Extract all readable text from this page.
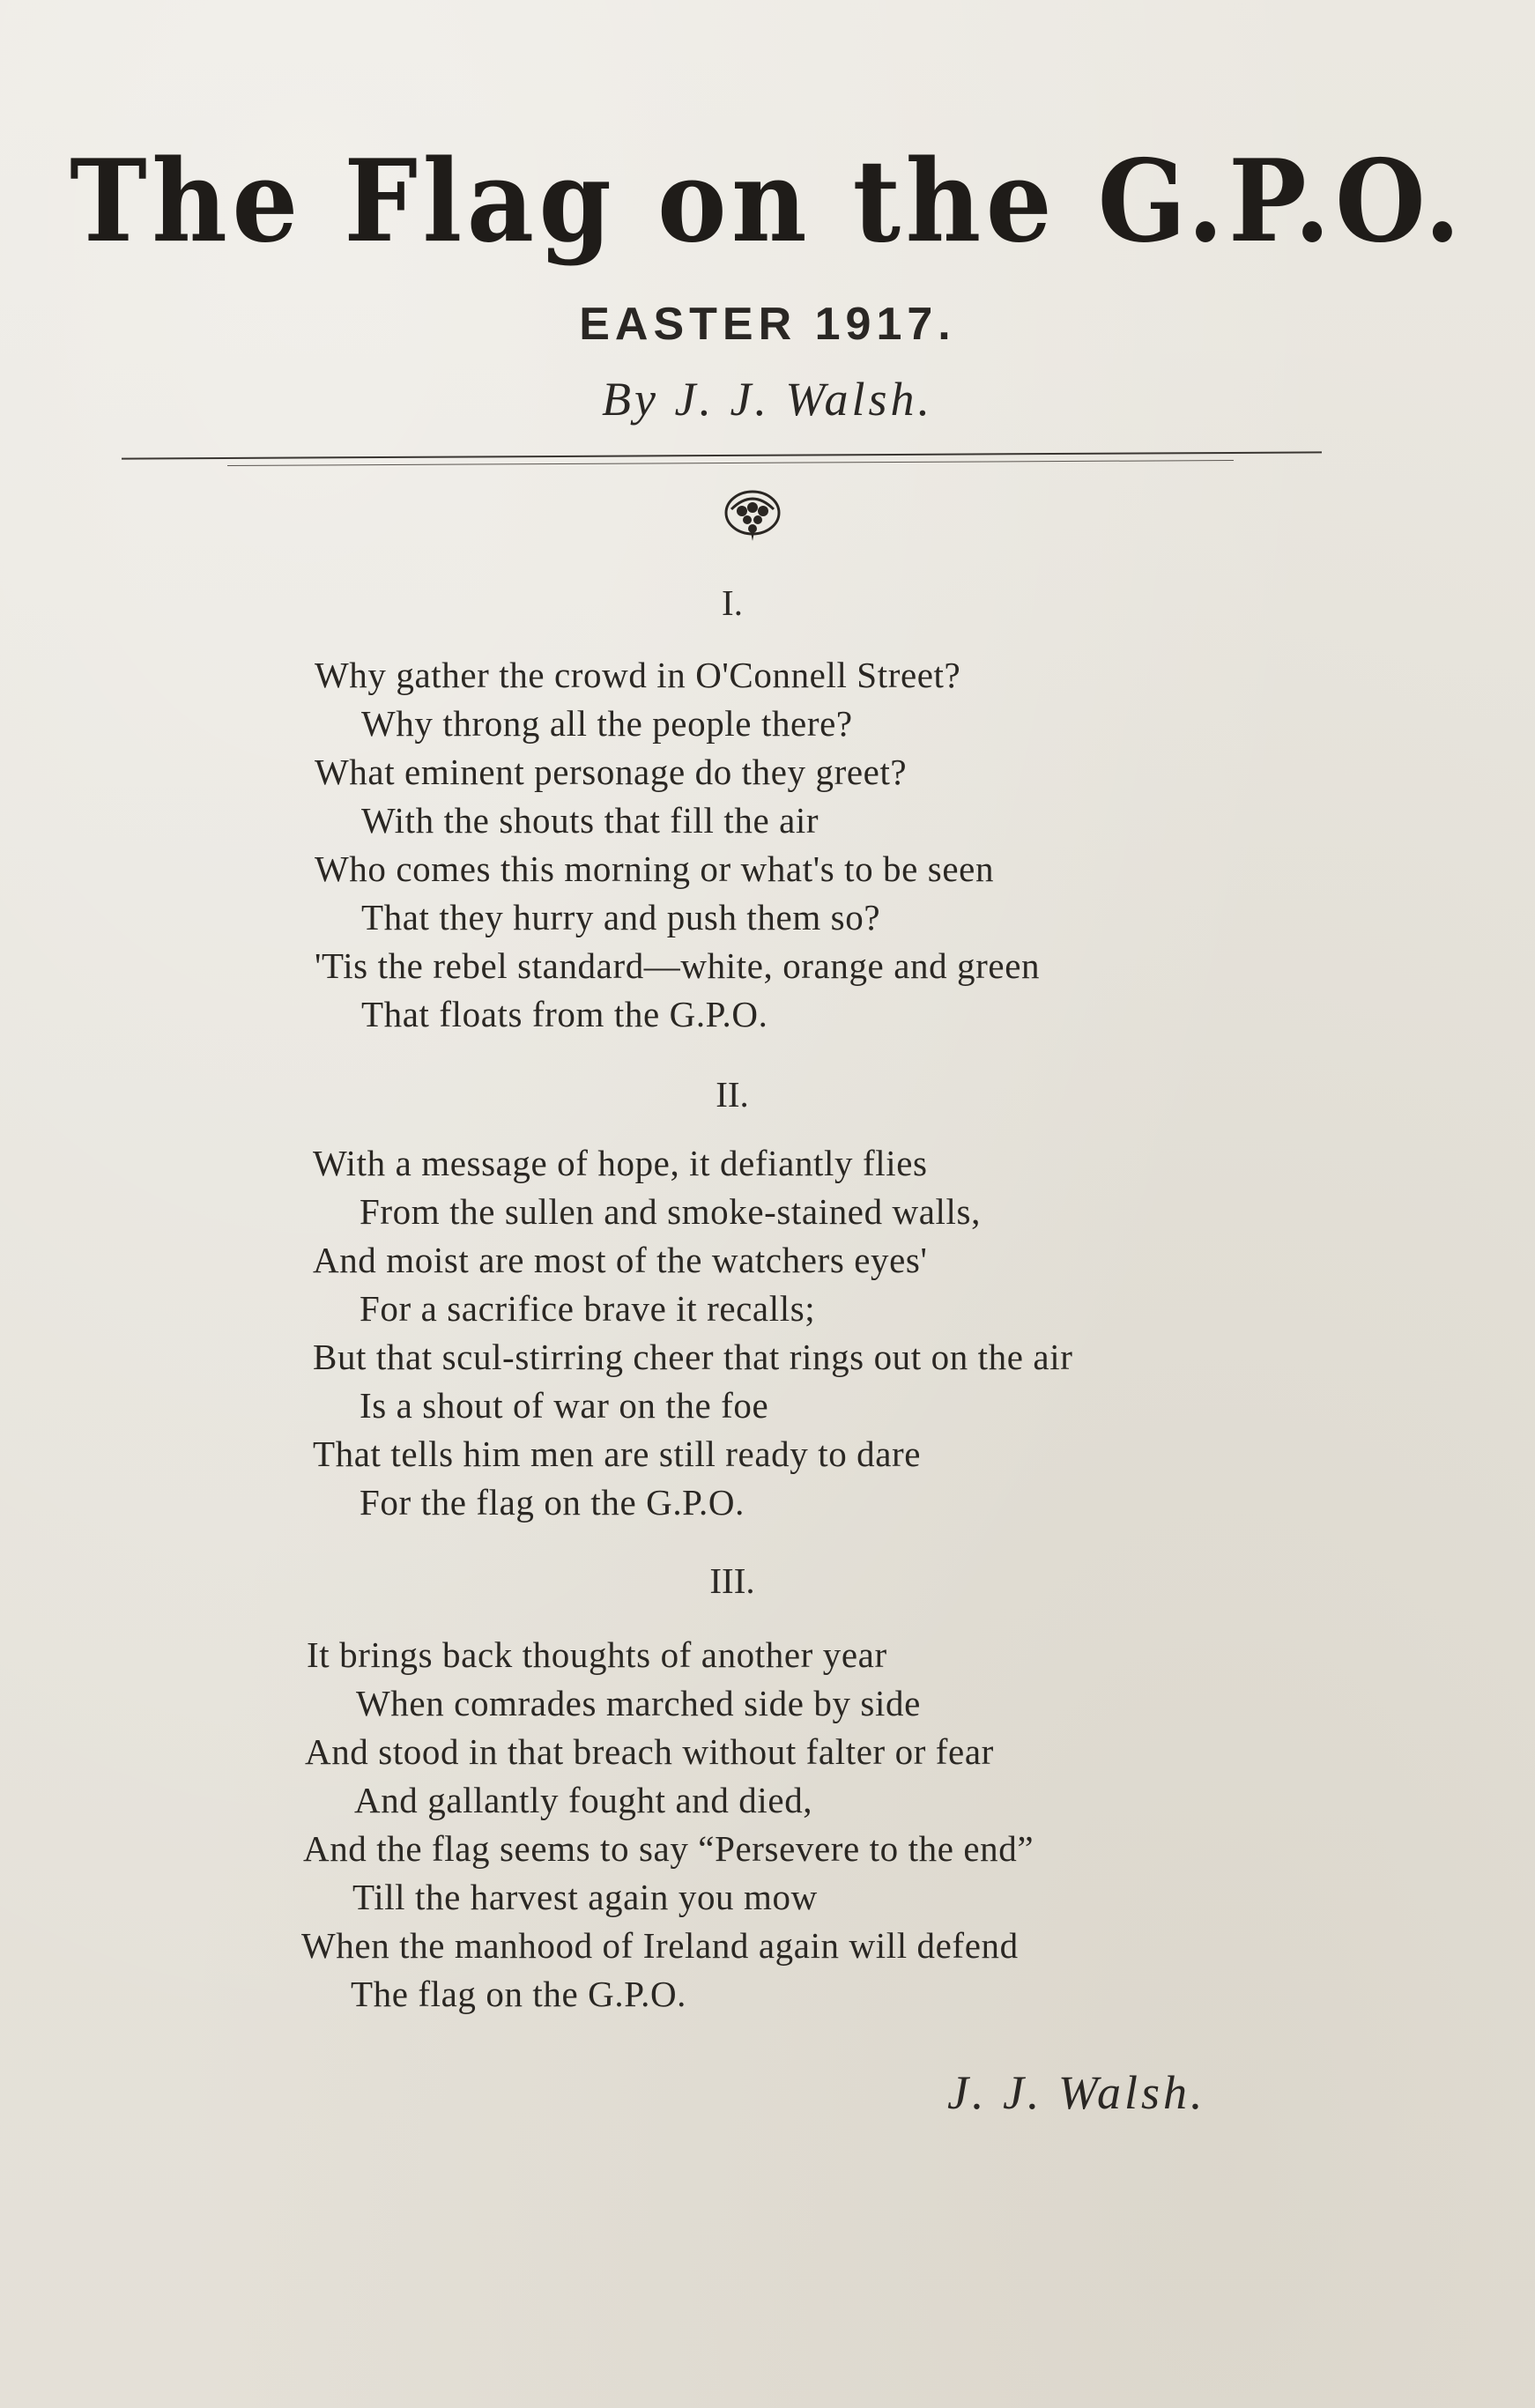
The Flag on the G.P.O.
EASTER 1917.
By J. J. Walsh.
I.
Why gather the crowd in O'Connell Street?
Why throng all the people there?
What eminent personage do they greet?
With the shouts that fill the air
Who comes this morning or what's to be seen
That they hurry and push them so?
'Tis the rebel standard—white, orange and green
That floats from the G.P.O.
II.
With a message of hope, it defiantly flies
From the sullen and smoke-stained walls,
And moist are most of the watchers eyes'
For a sacrifice brave it recalls;
But that scul-stirring cheer that rings out on the air
Is a shout of war on the foe
That tells him men are still ready to dare
For the flag on the G.P.O.
III.
It brings back thoughts of another year
When comrades marched side by side
And stood in that breach without falter or fear
And gallantly fought and died,
And the flag seems to say “Persevere to the end”
Till the harvest again you mow
When the manhood of Ireland again will defend
The flag on the G.P.O.
J. J. Walsh.
